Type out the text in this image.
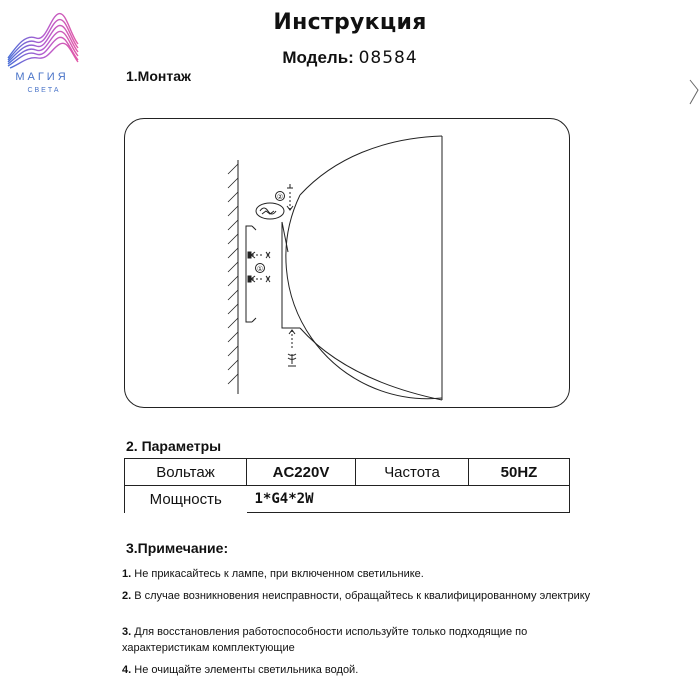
МАГИЯ
СВЕТА
Инструкция
Модель: 08584
1.Монтаж
①
②
2. Параметры
Вольтаж	AC220V	Частота	50HZ
Мощность	1*G4*2W		
3.Примечание:
1. Не прикасайтесь к лампе, при включенном светильнике.
2. В случае возникновения неисправности, обращайтесь к квалифицированному электрику
3. Для восстановления работоспособности используйте только подходящие по характеристикам комплектующие
4. Не очищайте элементы светильника водой.
